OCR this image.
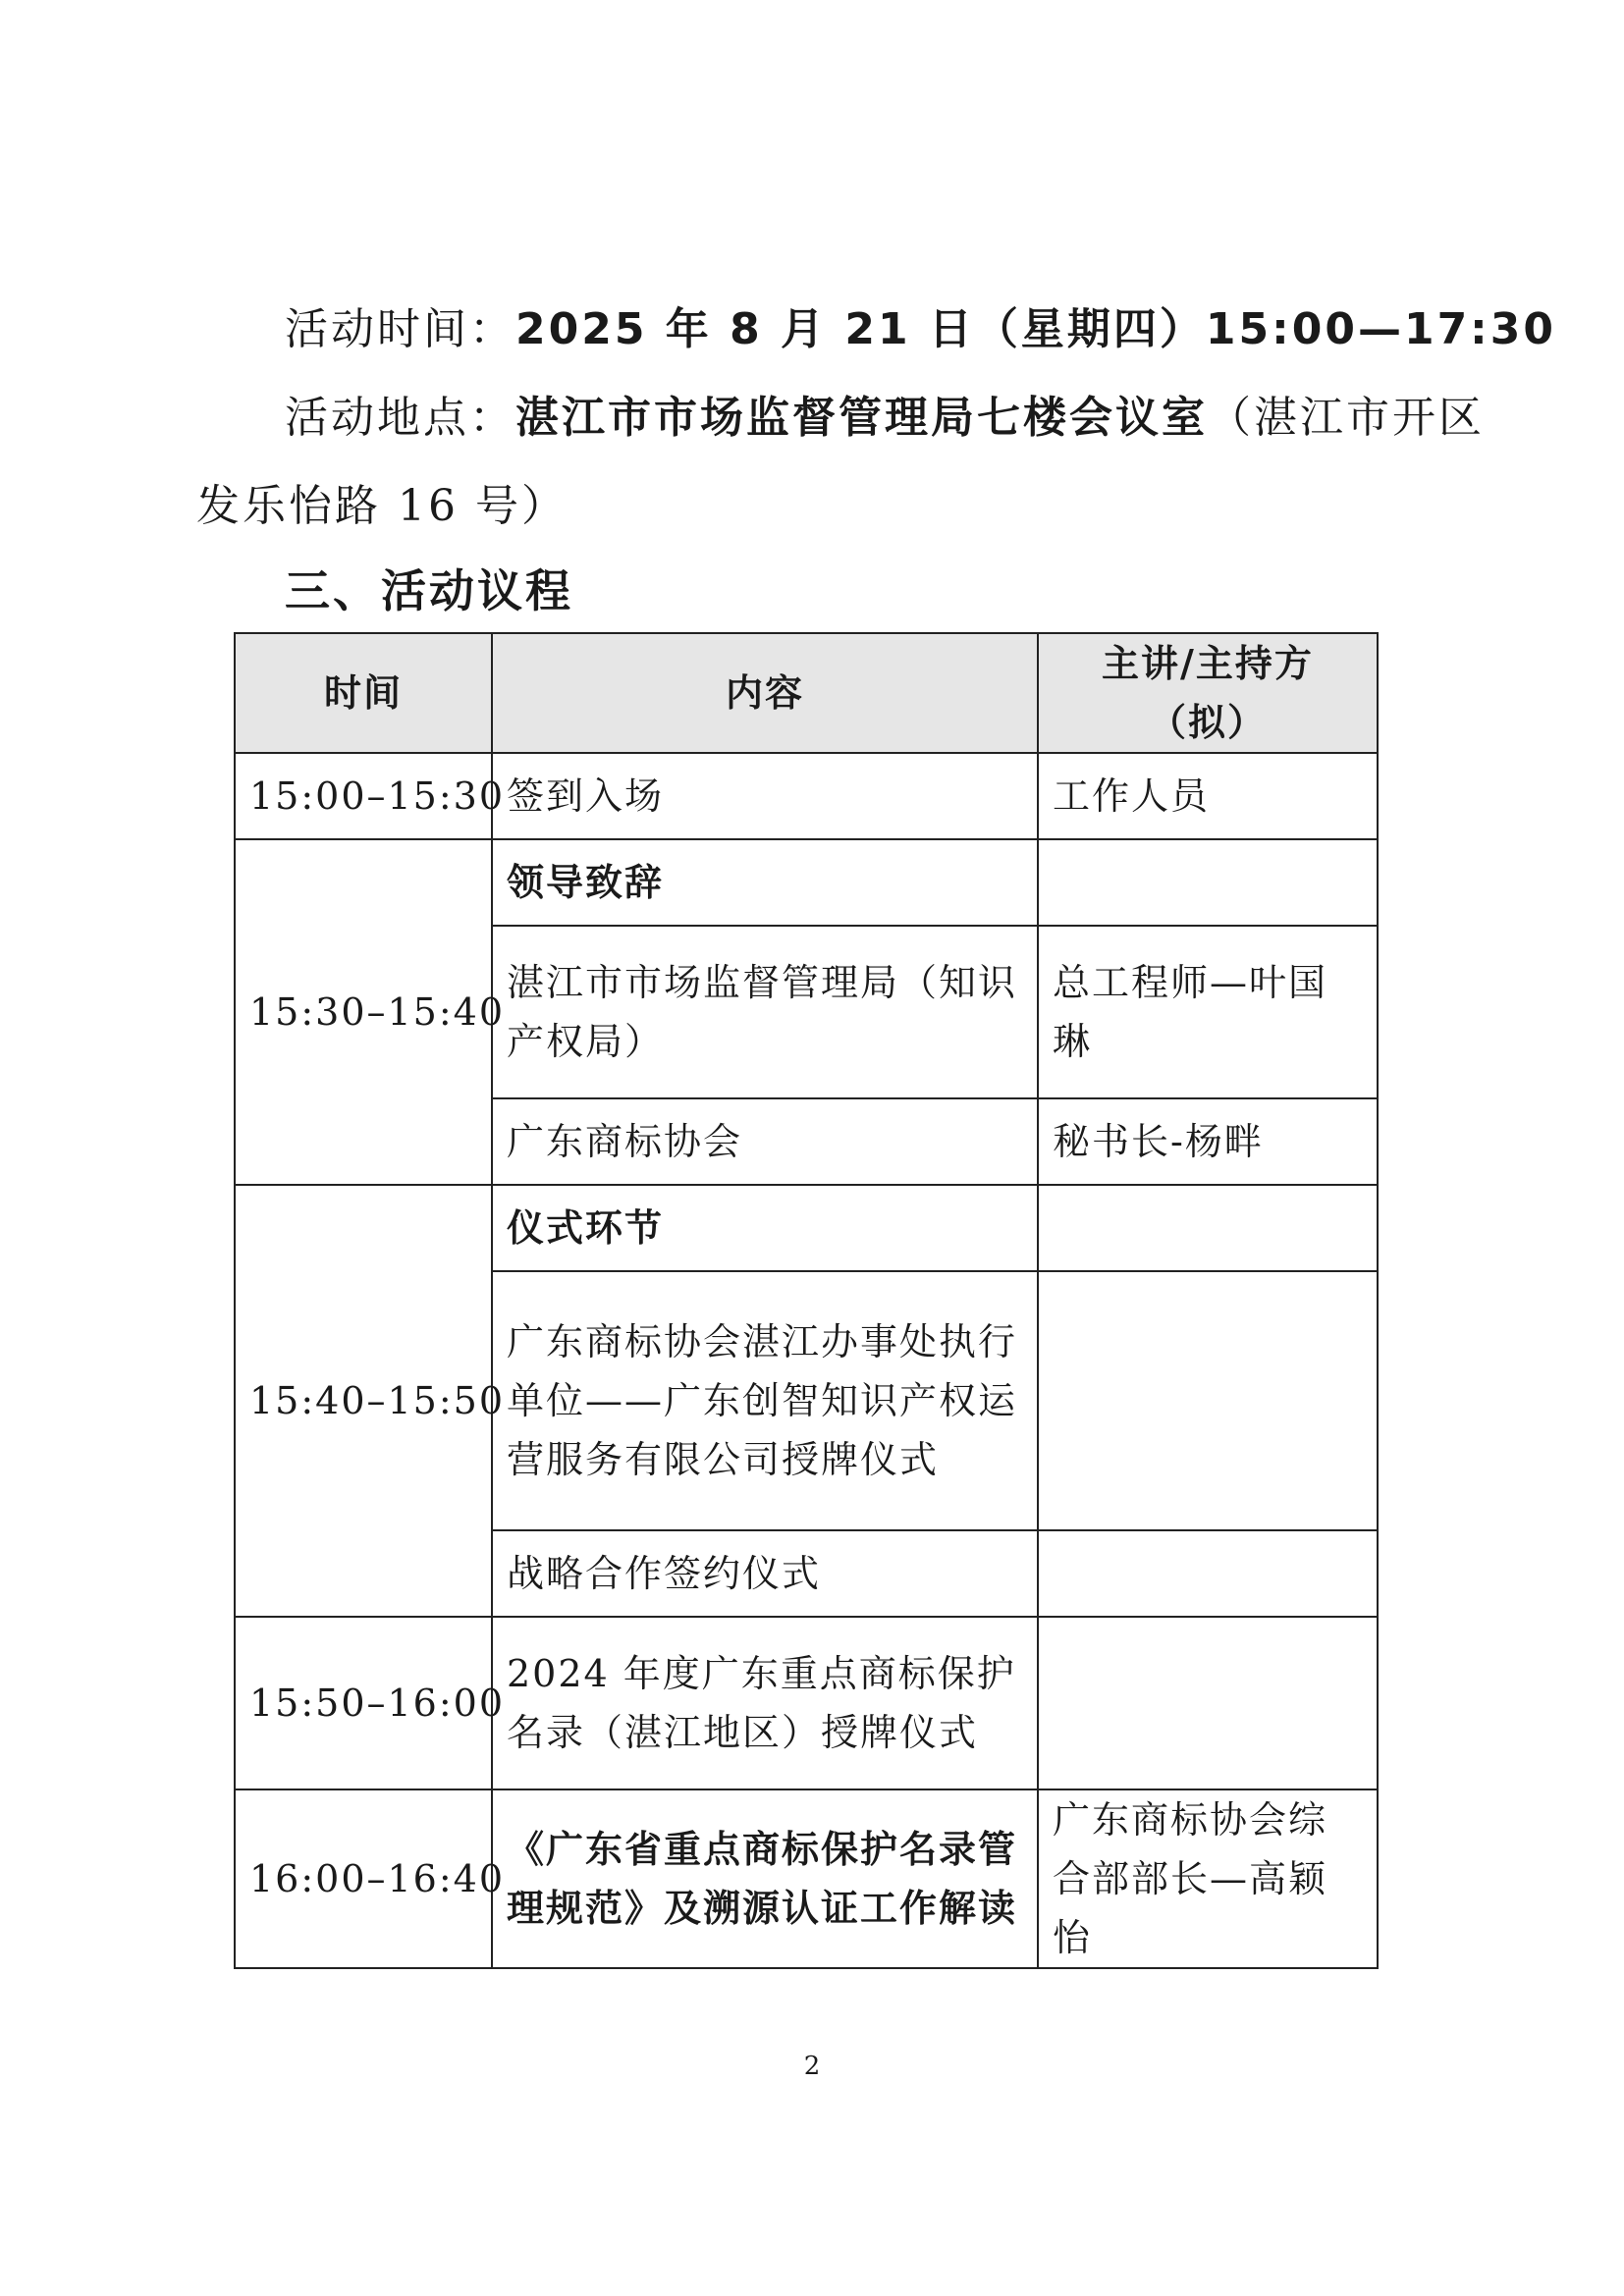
活动时间：2025 年 8 月 21 日（星期四）15:00—17:30
活动地点：湛江市市场监督管理局七楼会议室（湛江市开区
发乐怡路 16 号）
三、活动议程
时间	内容	主讲/主持方（拟）
15:00–15:30	签到入场	工作人员
15:30–15:40	领导致辞	
	湛江市市场监督管理局（知识产权局）	总工程师—叶国琳
	广东商标协会	秘书长-杨畔
15:40–15:50	仪式环节	
	广东商标协会湛江办事处执行单位——广东创智知识产权运营服务有限公司授牌仪式	
	战略合作签约仪式	
15:50–16:00	2024 年度广东重点商标保护名录（湛江地区）授牌仪式	
16:00–16:40	《广东省重点商标保护名录管理规范》及溯源认证工作解读	广东商标协会综合部部长—高颖怡
2
